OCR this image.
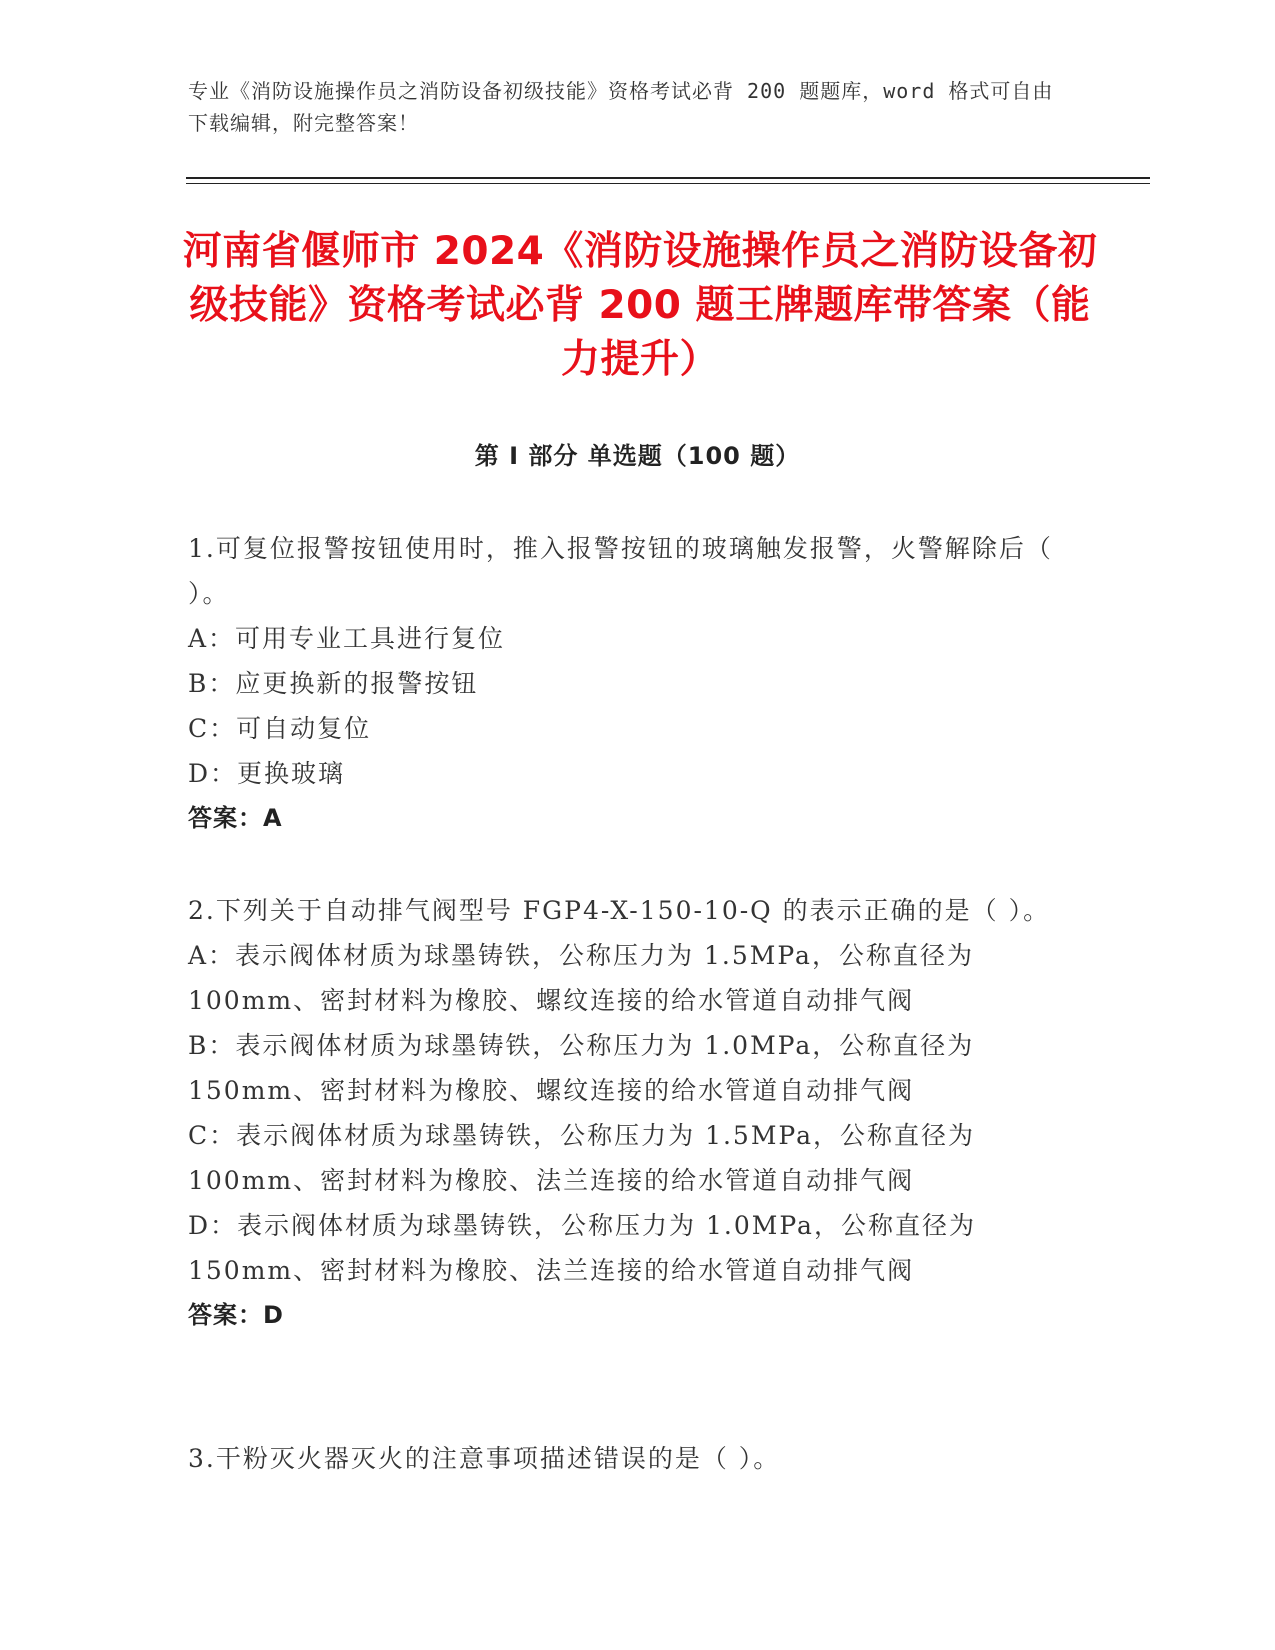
专业《消防设施操作员之消防设备初级技能》资格考试必背 200 题题库，word 格式可自由下载编辑，附完整答案！
河南省偃师市 2024《消防设施操作员之消防设备初级技能》资格考试必背 200 题王牌题库带答案（能力提升）
第 I 部分 单选题（100 题）
1.可复位报警按钮使用时，推入报警按钮的玻璃触发报警，火警解除后（ ）。
A：可用专业工具进行复位
B：应更换新的报警按钮
C：可自动复位
D：更换玻璃
答案：A
2.下列关于自动排气阀型号 FGP4-X-150-10-Q 的表示正确的是（ ）。
A：表示阀体材质为球墨铸铁，公称压力为 1.5MPa，公称直径为 100mm、密封材料为橡胶、螺纹连接的给水管道自动排气阀
B：表示阀体材质为球墨铸铁，公称压力为 1.0MPa，公称直径为 150mm、密封材料为橡胶、螺纹连接的给水管道自动排气阀
C：表示阀体材质为球墨铸铁，公称压力为 1.5MPa，公称直径为 100mm、密封材料为橡胶、法兰连接的给水管道自动排气阀
D：表示阀体材质为球墨铸铁，公称压力为 1.0MPa，公称直径为 150mm、密封材料为橡胶、法兰连接的给水管道自动排气阀
答案：D
3.干粉灭火器灭火的注意事项描述错误的是（ ）。
